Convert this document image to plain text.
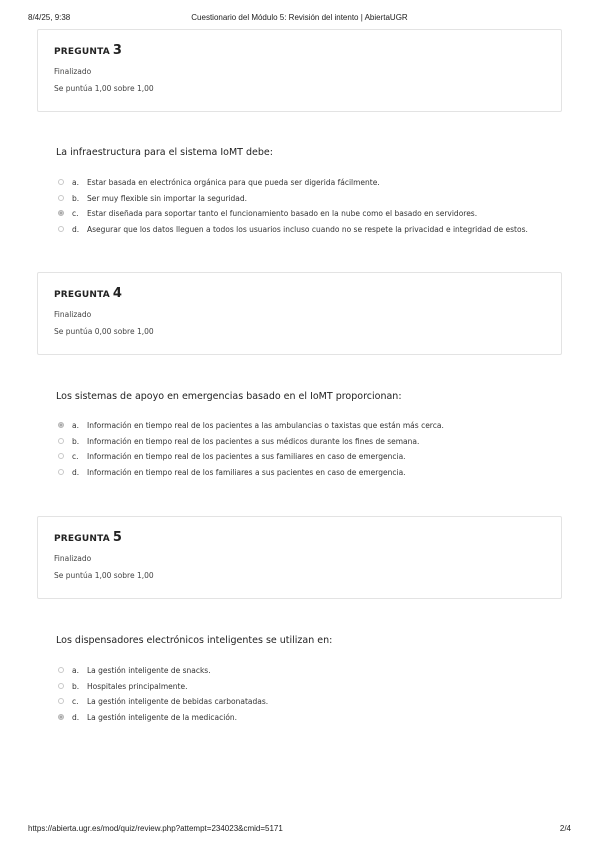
8/4/25, 9:38	Cuestionario del Módulo 5: Revisión del intento | AbiertaUGR
PREGUNTA 3
Finalizado
Se puntúa 1,00 sobre 1,00
La infraestructura para el sistema IoMT debe:
a. Estar basada en electrónica orgánica para que pueda ser digerida fácilmente.
b. Ser muy flexible sin importar la seguridad.
c. Estar diseñada para soportar tanto el funcionamiento basado en la nube como el basado en servidores.
d. Asegurar que los datos lleguen a todos los usuarios incluso cuando no se respete la privacidad e integridad de estos.
PREGUNTA 4
Finalizado
Se puntúa 0,00 sobre 1,00
Los sistemas de apoyo en emergencias basado en el IoMT proporcionan:
a. Información en tiempo real de los pacientes a las ambulancias o taxistas que están más cerca.
b. Información en tiempo real de los pacientes a sus médicos durante los fines de semana.
c. Información en tiempo real de los pacientes a sus familiares en caso de emergencia.
d. Información en tiempo real de los familiares a sus pacientes en caso de emergencia.
PREGUNTA 5
Finalizado
Se puntúa 1,00 sobre 1,00
Los dispensadores electrónicos inteligentes se utilizan en:
a. La gestión inteligente de snacks.
b. Hospitales principalmente.
c. La gestión inteligente de bebidas carbonatadas.
d. La gestión inteligente de la medicación.
https://abierta.ugr.es/mod/quiz/review.php?attempt=234023&cmid=5171	2/4
